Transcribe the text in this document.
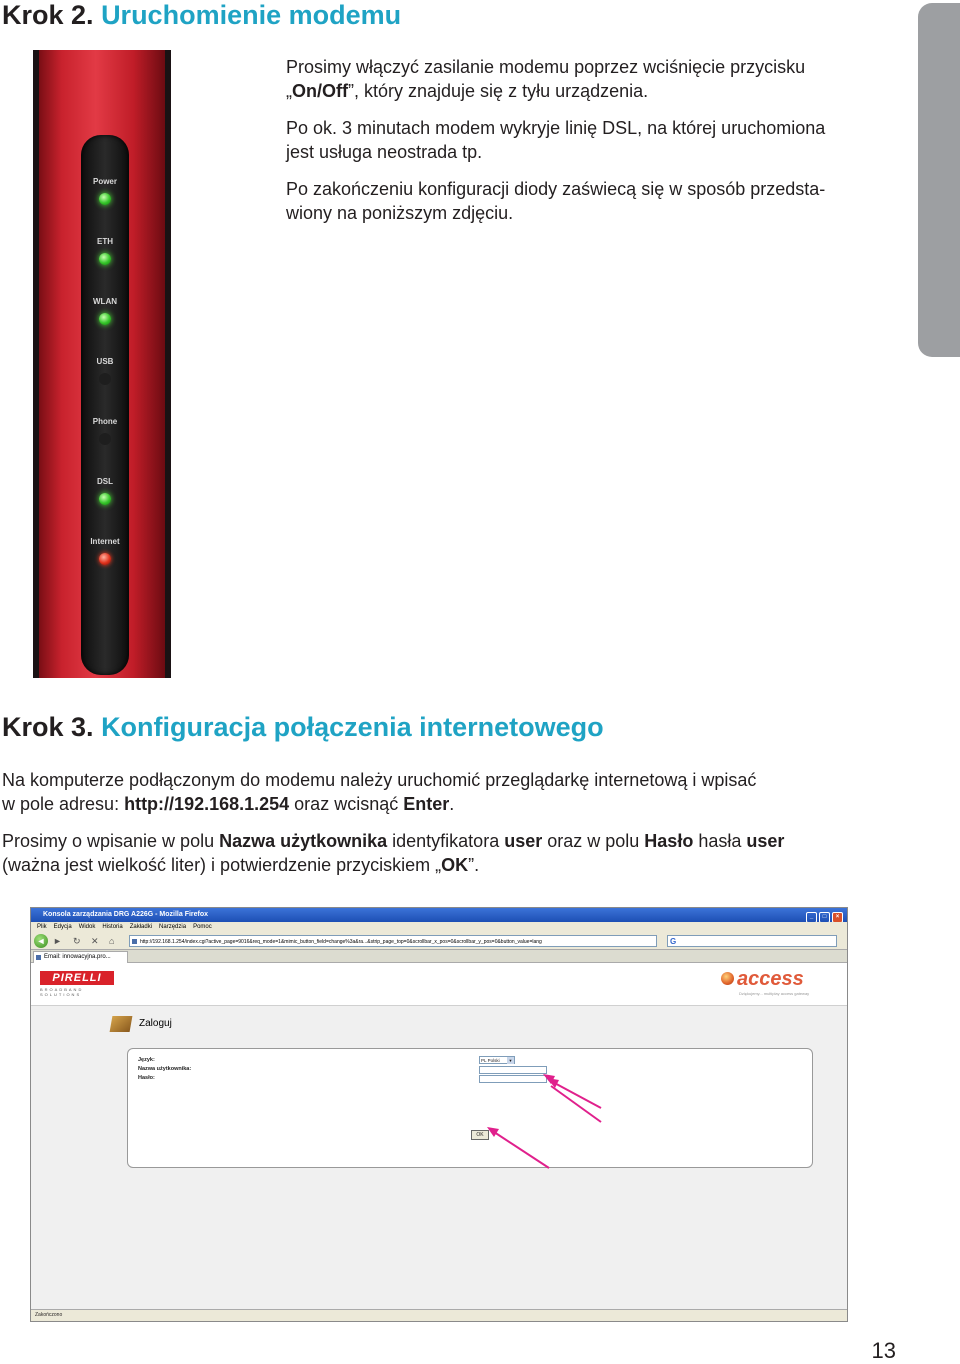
Krok 2. Uruchomienie modemu

Prosimy włączyć zasilanie modemu poprzez wciśnięcie przycisku
„On/Off”, który znajduje się z tyłu urządzenia.

Po ok. 3 minutach modem wykryje linię DSL, na której uruchomiona
jest usługa neostrada tp.

Po zakończeniu konfiguracji diody zaświecą się w sposób przedsta-
wiony na poniższym zdjęciu.

Power
ETH
WLAN
USB
Phone
DSL
Internet
Krok 3. Konfiguracja połączenia internetowego

Na komputerze podłączonym do modemu należy uruchomić przeglądarkę internetową i wpisać
w pole adresu: http://192.168.1.254 oraz wcisnąć Enter.

Prosimy o wpisanie w polu Nazwa użytkownika identyfikatora user oraz w polu Hasło hasła user
(ważna jest wielkość liter) i potwierdzenie przyciskiem „OK”.

Konsola zarządzania DRG A226G - Mozilla Firefox	_ □ ×
Plik Edycja Widok Historia Zakładki Narzędzia Pomoc
◄ ► ↻ ✕ ⌂	http://192.168.1.254/index.cgi?active_page=9016&req_mode=1&mimic_button_field=change%3a&ra...&strip_page_top=0&scrollbar_x_pos=0&scrollbar_y_pos=0&button_value=lang	G
Email: innowacyjna.pro...
PIRELLI
BROADBAND SOLUTIONS
access
Dziękujemy... multiplay access gateway
Zaloguj
Język:
Nazwa użytkownika:
Hasło:
PL Polski	▼
OK
Zakończono
13
